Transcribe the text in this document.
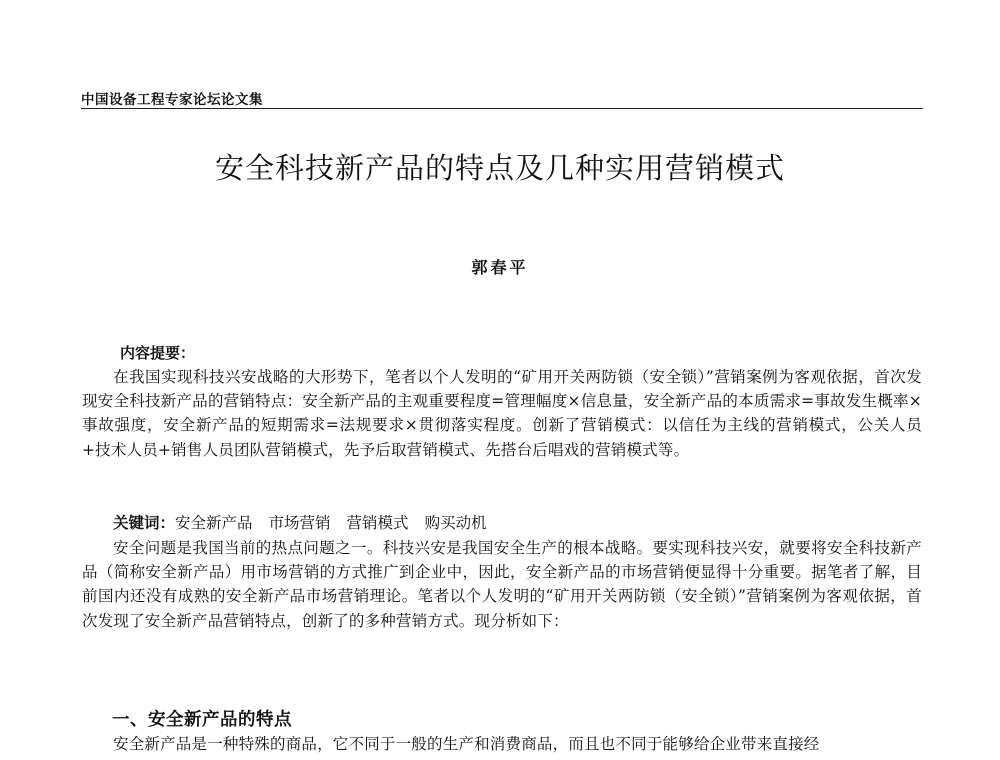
中国设备工程专家论坛论文集
安全科技新产品的特点及几种实用营销模式
郭春平
内容提要：

在我国实现科技兴安战略的大形势下，笔者以个人发明的“矿用开关两防锁（安全锁）”营销案例为客观依据，首次发现安全科技新产品的营销特点：安全新产品的主观重要程度=管理幅度×信息量，安全新产品的本质需求=事故发生概率×事故强度，安全新产品的短期需求=法规要求×贯彻落实程度。创新了营销模式：以信任为主线的营销模式，公关人员+技术人员+销售人员团队营销模式，先予后取营销模式、先搭台后唱戏的营销模式等。

关键词：安全新产品 市场营销 营销模式 购买动机

安全问题是我国当前的热点问题之一。科技兴安是我国安全生产的根本战略。要实现科技兴安，就要将安全科技新产品（简称安全新产品）用市场营销的方式推广到企业中，因此，安全新产品的市场营销便显得十分重要。据笔者了解，目前国内还没有成熟的安全新产品市场营销理论。笔者以个人发明的“矿用开关两防锁（安全锁）”营销案例为客观依据，首次发现了安全新产品营销特点，创新了的多种营销方式。现分析如下：

一、安全新产品的特点

安全新产品是一种特殊的商品，它不同于一般的生产和消费商品，而且也不同于能够给企业带来直接经
